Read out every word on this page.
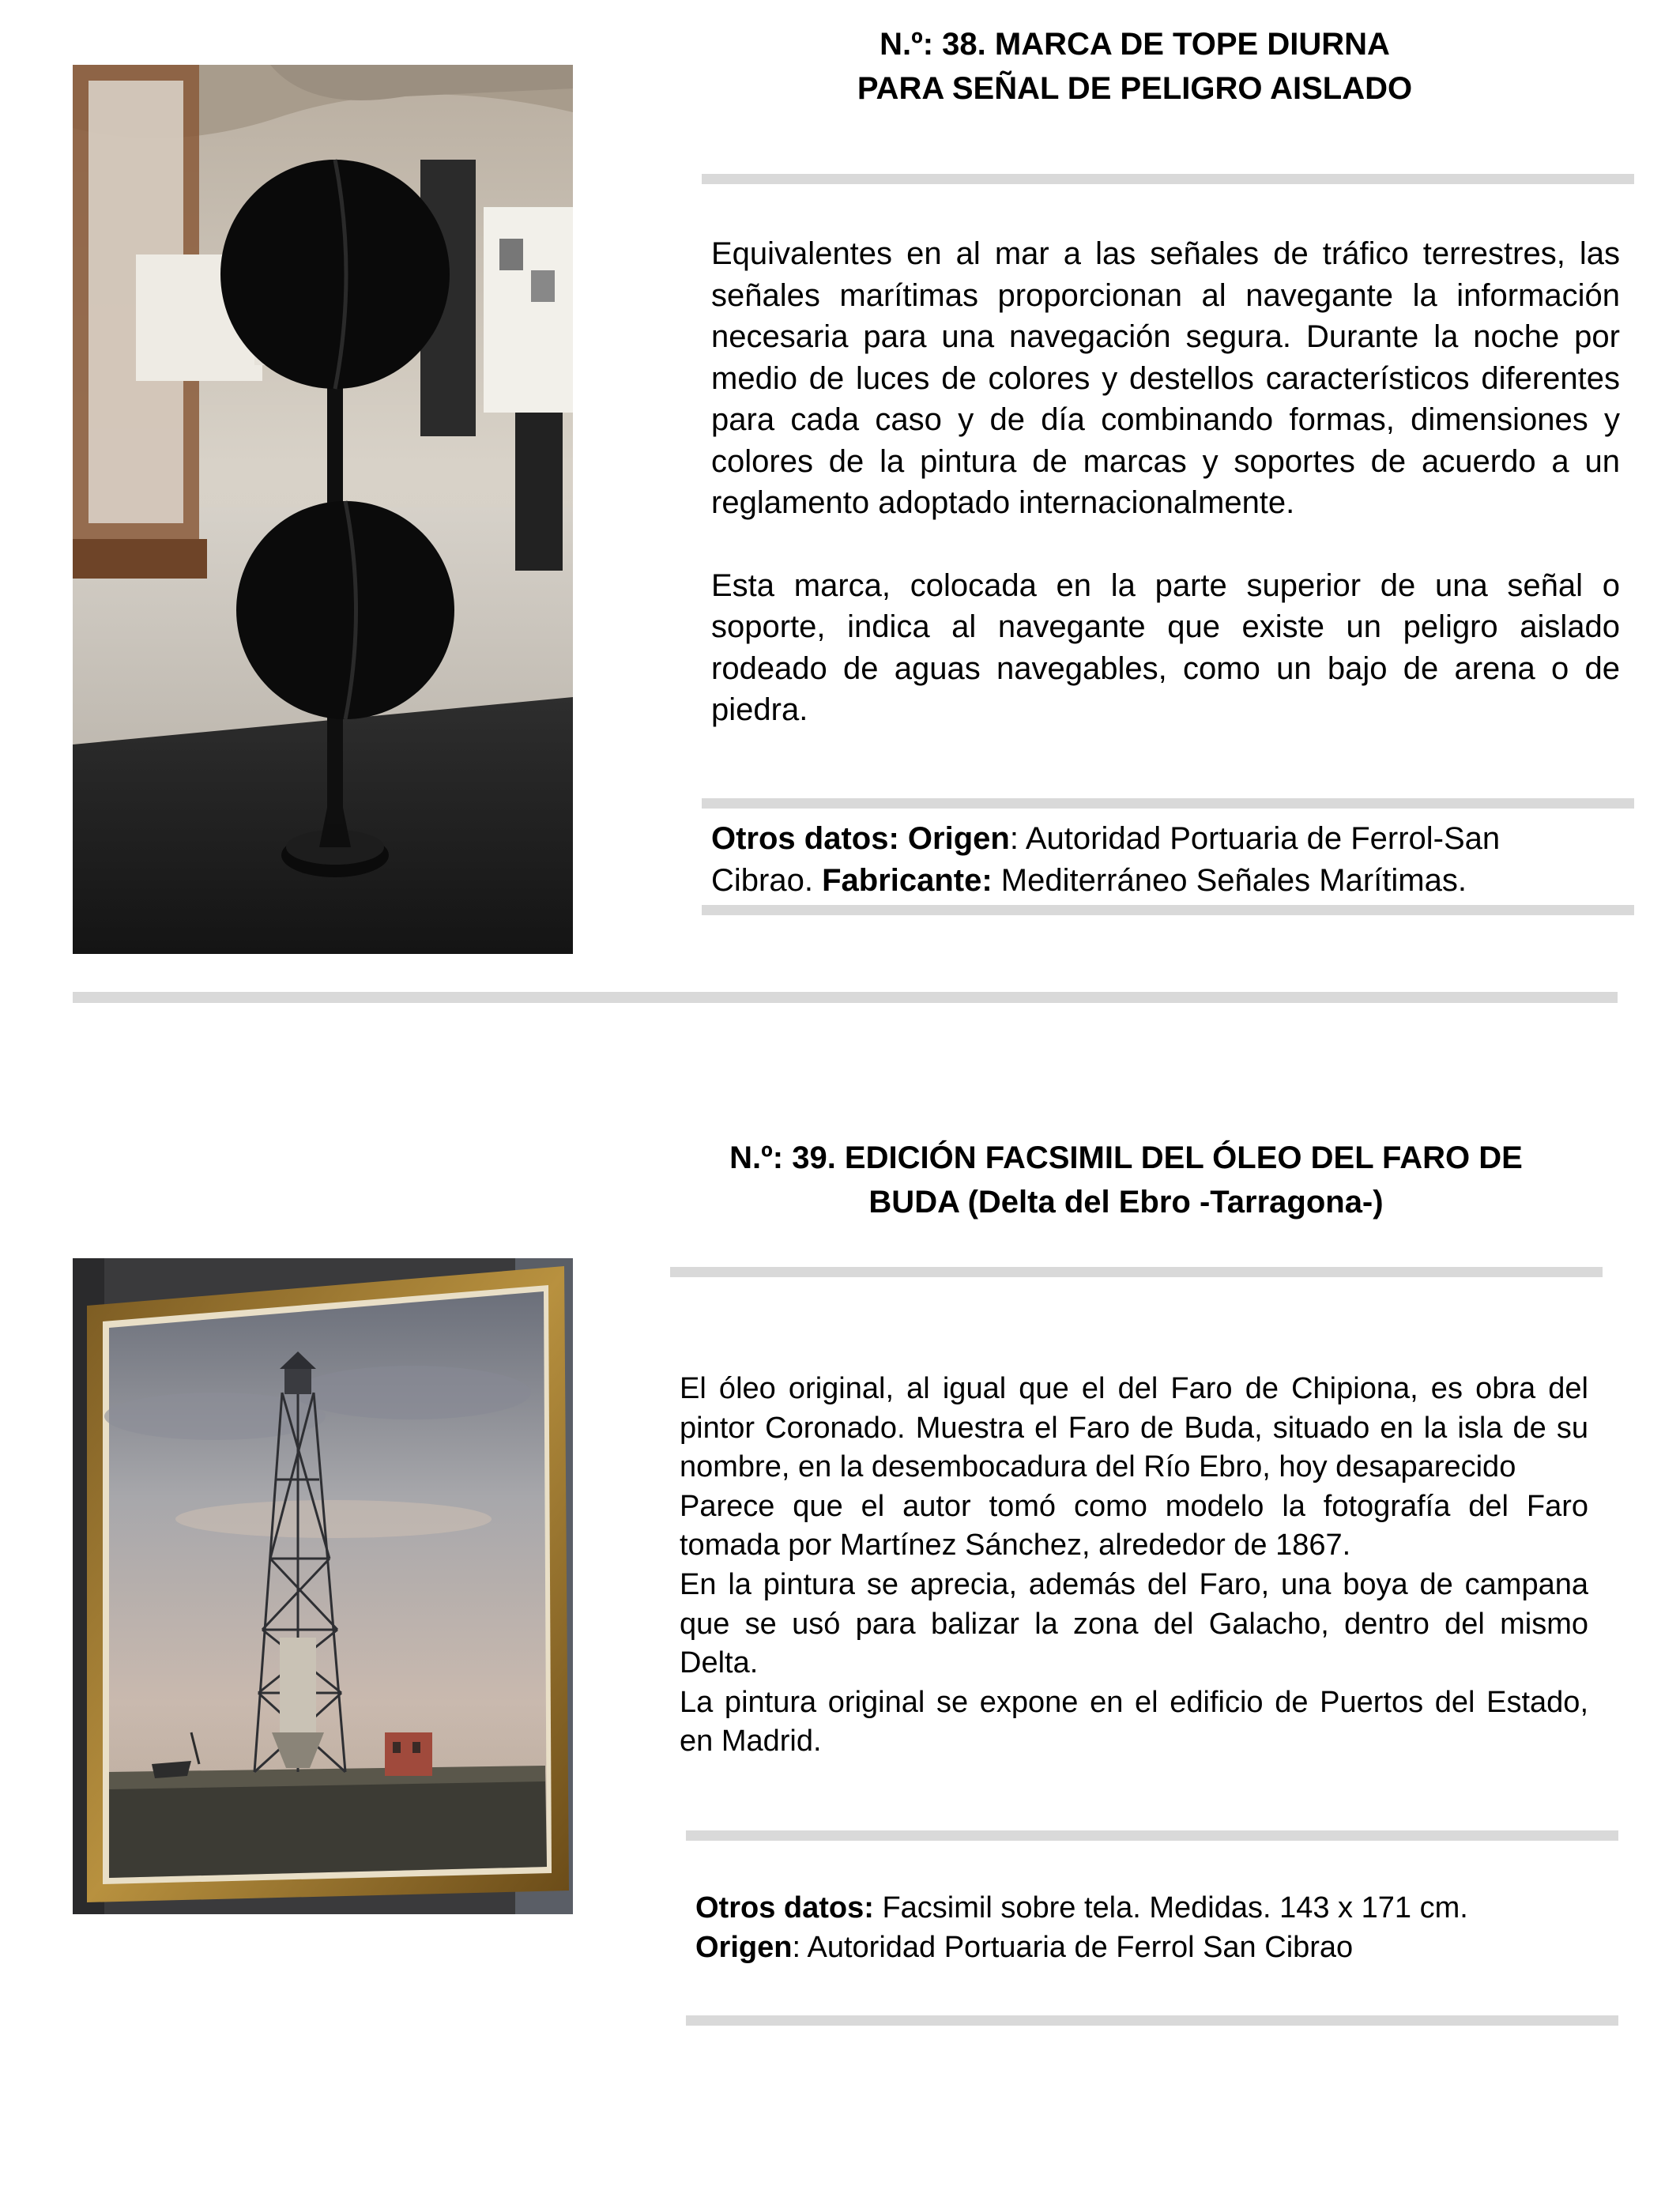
N.º: 38. MARCA DE TOPE DIURNA
PARA SEÑAL DE PELIGRO AISLADO

Equivalentes en al mar a las señales de tráfico terrestres, las señales marítimas proporcionan al navegante la información necesaria para una navegación segura. Durante la noche por medio de luces de colores y destellos característicos diferentes para cada caso y de día combinando formas, dimensiones y colores de la pintura de marcas y soportes de acuerdo a un reglamento adoptado internacionalmente.

Esta marca, colocada en la parte superior de una señal o soporte, indica al navegante que existe un peligro aislado rodeado de aguas navegables, como un bajo de arena o de piedra.

Otros datos: Origen: Autoridad Portuaria de Ferrol-San Cibrao. Fabricante: Mediterráneo Señales Marítimas.

N.º: 39. EDICIÓN FACSIMIL DEL ÓLEO DEL FARO DE
BUDA (Delta del Ebro -Tarragona-)

El óleo original, al igual que el del Faro de Chipiona, es obra del pintor Coronado. Muestra el Faro de Buda, situado en la isla de su nombre, en la desembocadura del Río Ebro, hoy desaparecido

Parece que el autor tomó como modelo la fotografía del Faro tomada por Martínez Sánchez, alrededor de 1867.

En la pintura se aprecia, además del Faro, una boya de campana que se usó para balizar la zona del Galacho, dentro del mismo Delta.

La pintura original se expone en el edificio de Puertos del Estado, en Madrid.

Otros datos: Facsimil sobre tela. Medidas. 143 x 171 cm.

Origen: Autoridad Portuaria de Ferrol San Cibrao
